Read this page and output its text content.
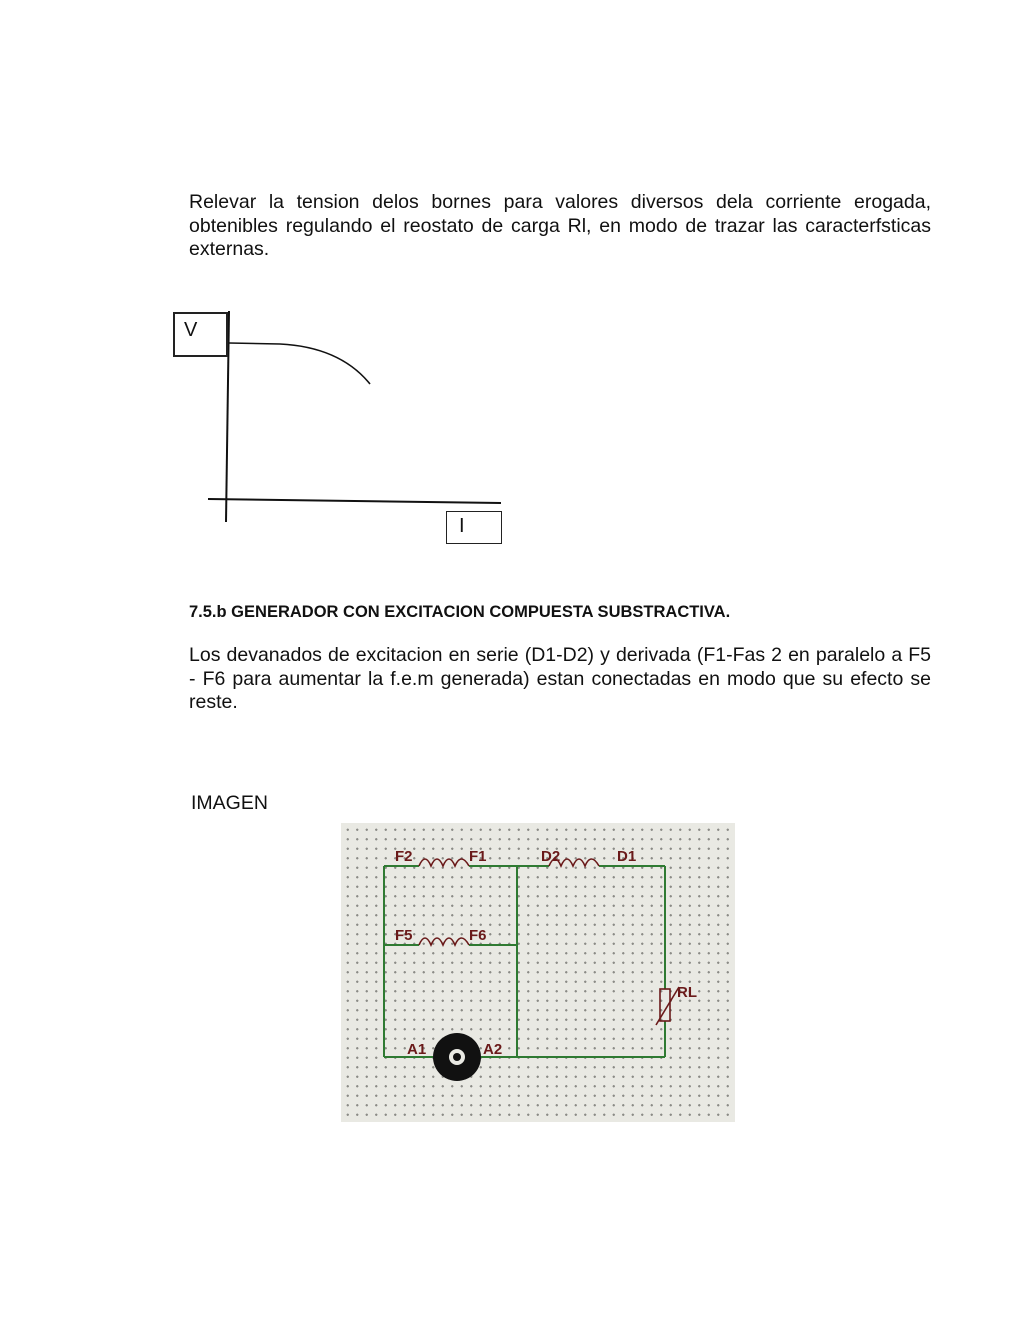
Relevar la tension delos bornes para valores diversos dela corriente erogada, obtenibles regulando el reostato de carga Rl, en modo de trazar las caracterfsticas externas.

V
I

7.5.b GENERADOR CON EXCITACION COMPUESTA SUBSTRACTIVA.

Los devanados de excitacion en serie (D1-D2) y derivada (F1-Fas 2 en paralelo a F5 - F6 para aumentar la f.e.m generada) estan conectadas en modo que su efecto se reste.

IMAGEN
F2	F1	D2	D1
F5	F6
RL
A1	A2
